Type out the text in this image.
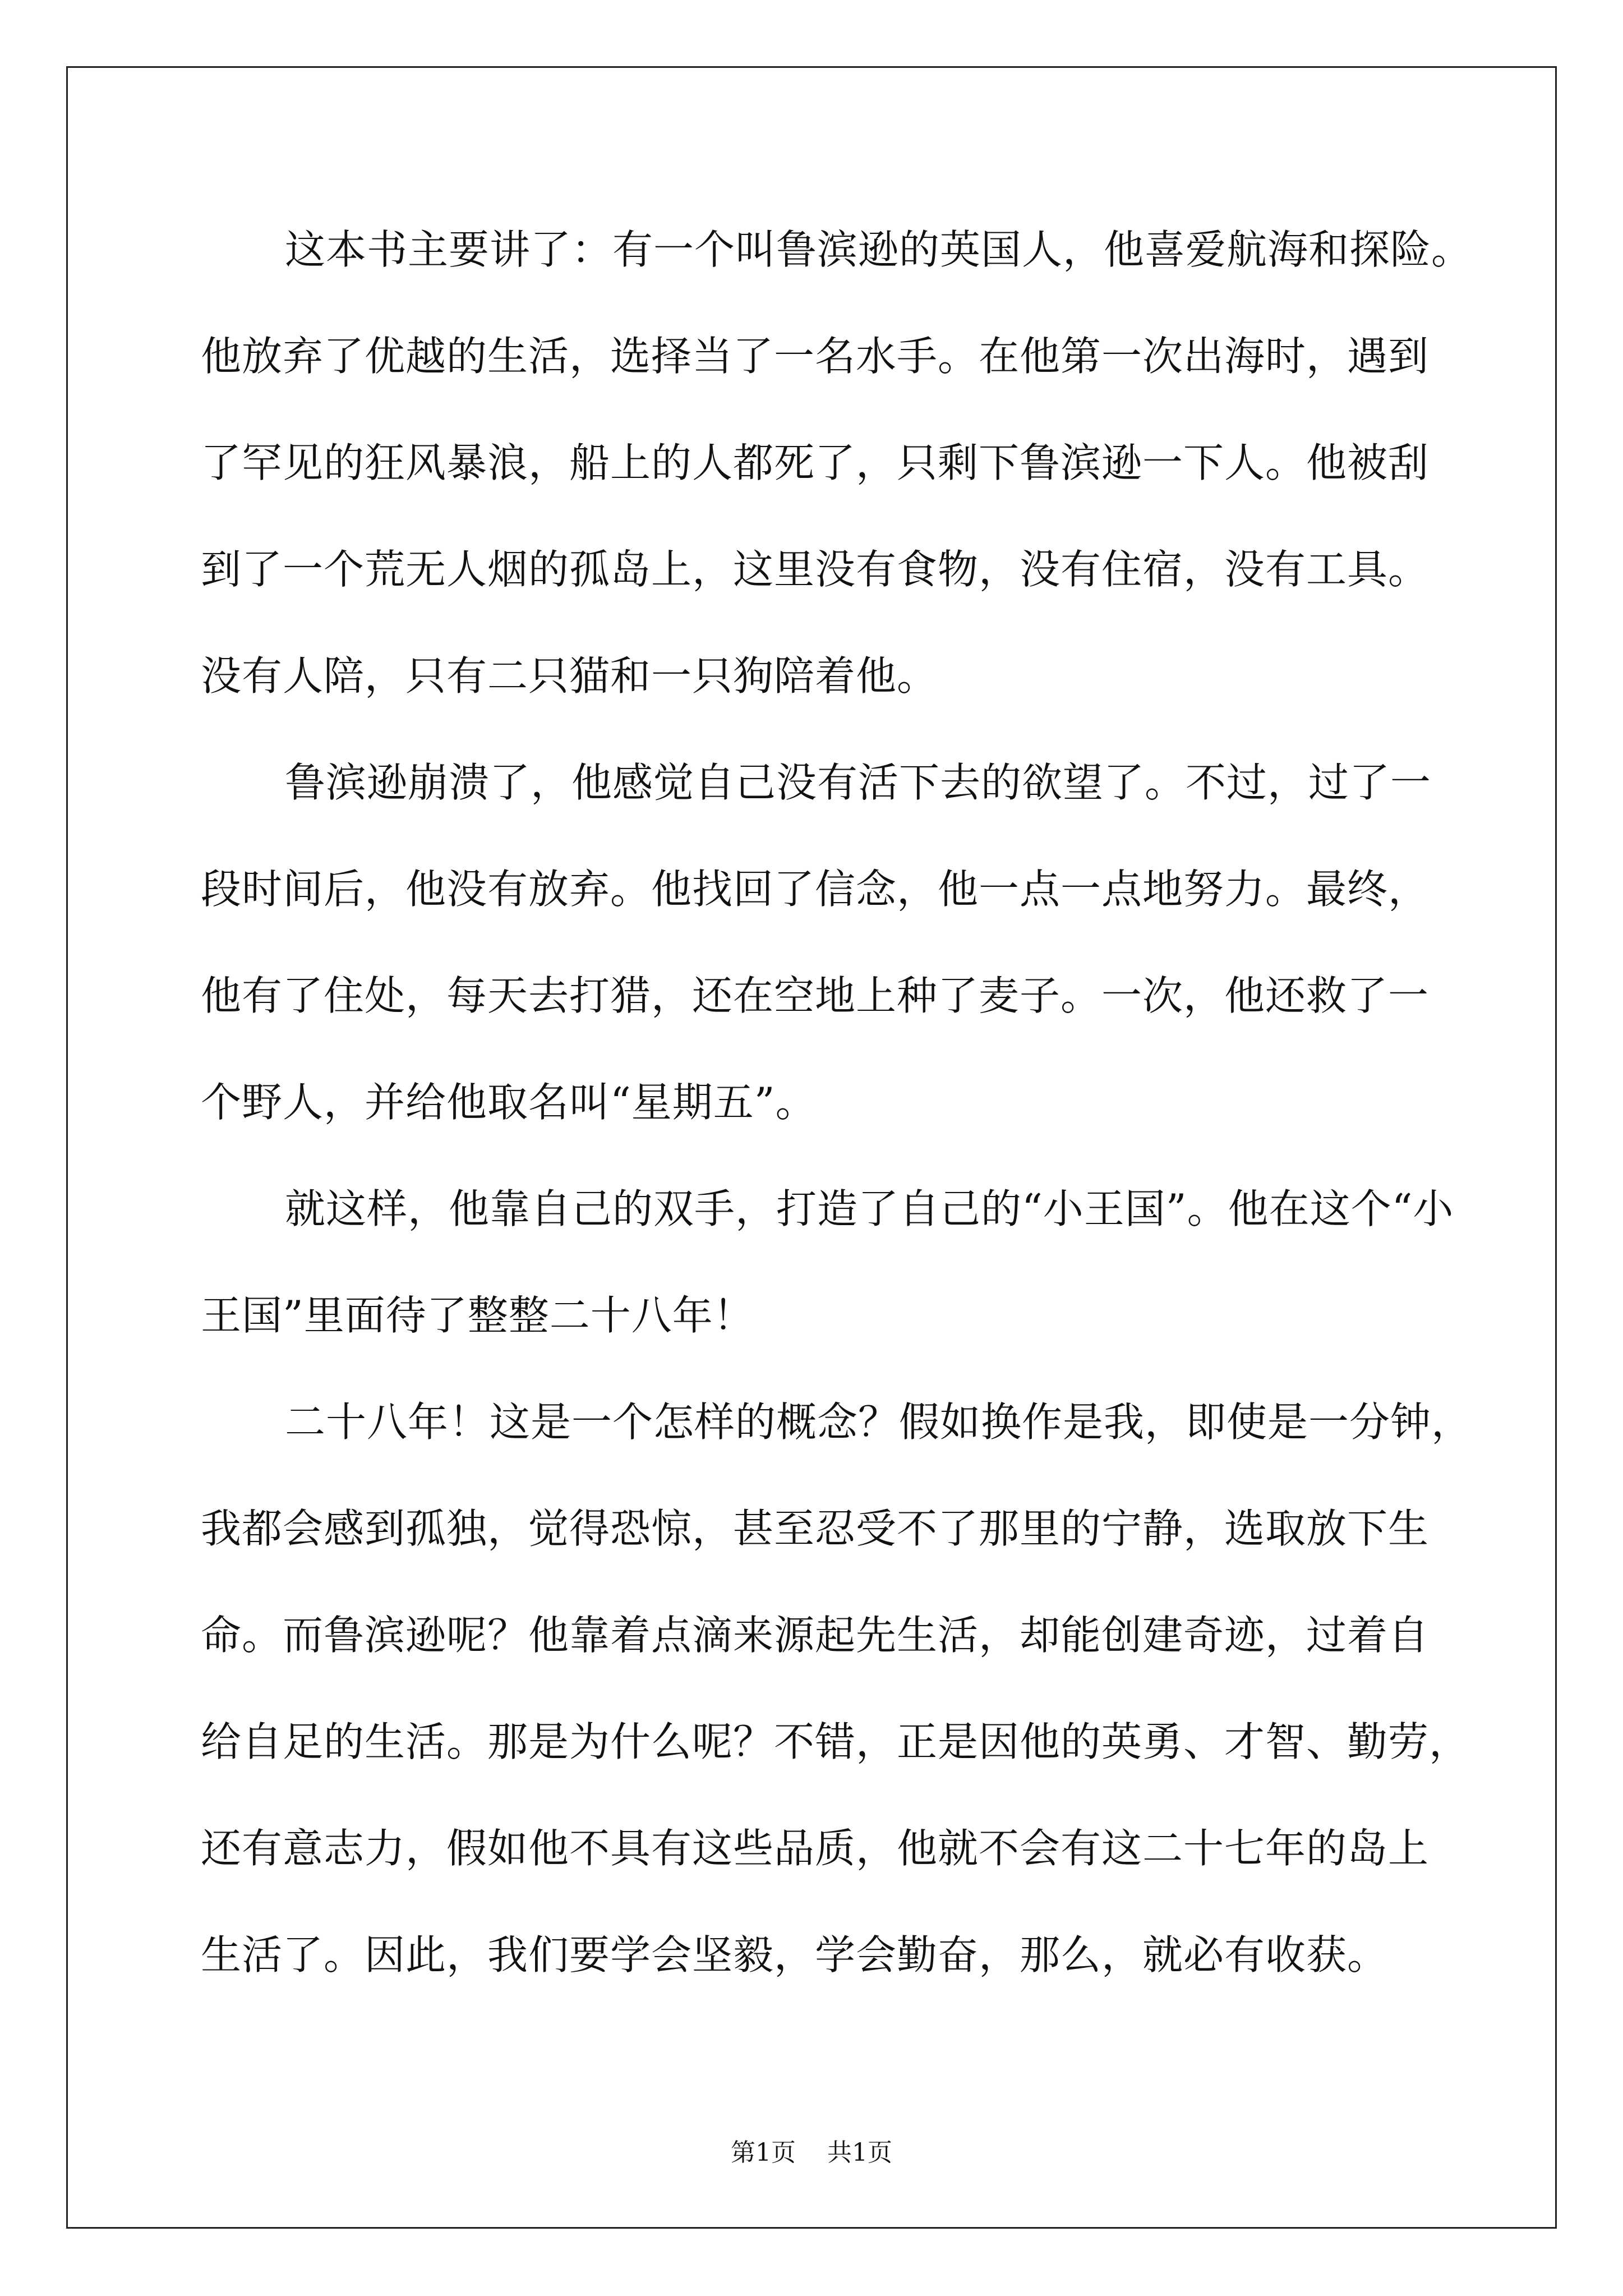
这本书主要讲了：有一个叫鲁滨逊的英国人，他喜爱航海和探险。
他放弃了优越的生活，选择当了一名水手。在他第一次出海时，遇到
了罕见的狂风暴浪，船上的人都死了，只剩下鲁滨逊一下人。他被刮
到了一个荒无人烟的孤岛上，这里没有食物，没有住宿，没有工具。
没有人陪，只有二只猫和一只狗陪着他。
鲁滨逊崩溃了，他感觉自己没有活下去的欲望了。不过，过了一
段时间后，他没有放弃。他找回了信念，他一点一点地努力。最终，
他有了住处，每天去打猎，还在空地上种了麦子。一次，他还救了一
个野人，并给他取名叫“星期五”。
就这样，他靠自己的双手，打造了自己的“小王国”。他在这个“小
王国”里面待了整整二十八年！
二十八年！这是一个怎样的概念？假如换作是我，即使是一分钟，
我都会感到孤独，觉得恐惊，甚至忍受不了那里的宁静，选取放下生
命。而鲁滨逊呢？他靠着点滴来源起先生活，却能创建奇迹，过着自
给自足的生活。那是为什么呢？不错，正是因他的英勇、才智、勤劳，
还有意志力，假如他不具有这些品质，他就不会有这二十七年的岛上
生活了。因此，我们要学会坚毅，学会勤奋，那么，就必有收获。
第1页 共1页
